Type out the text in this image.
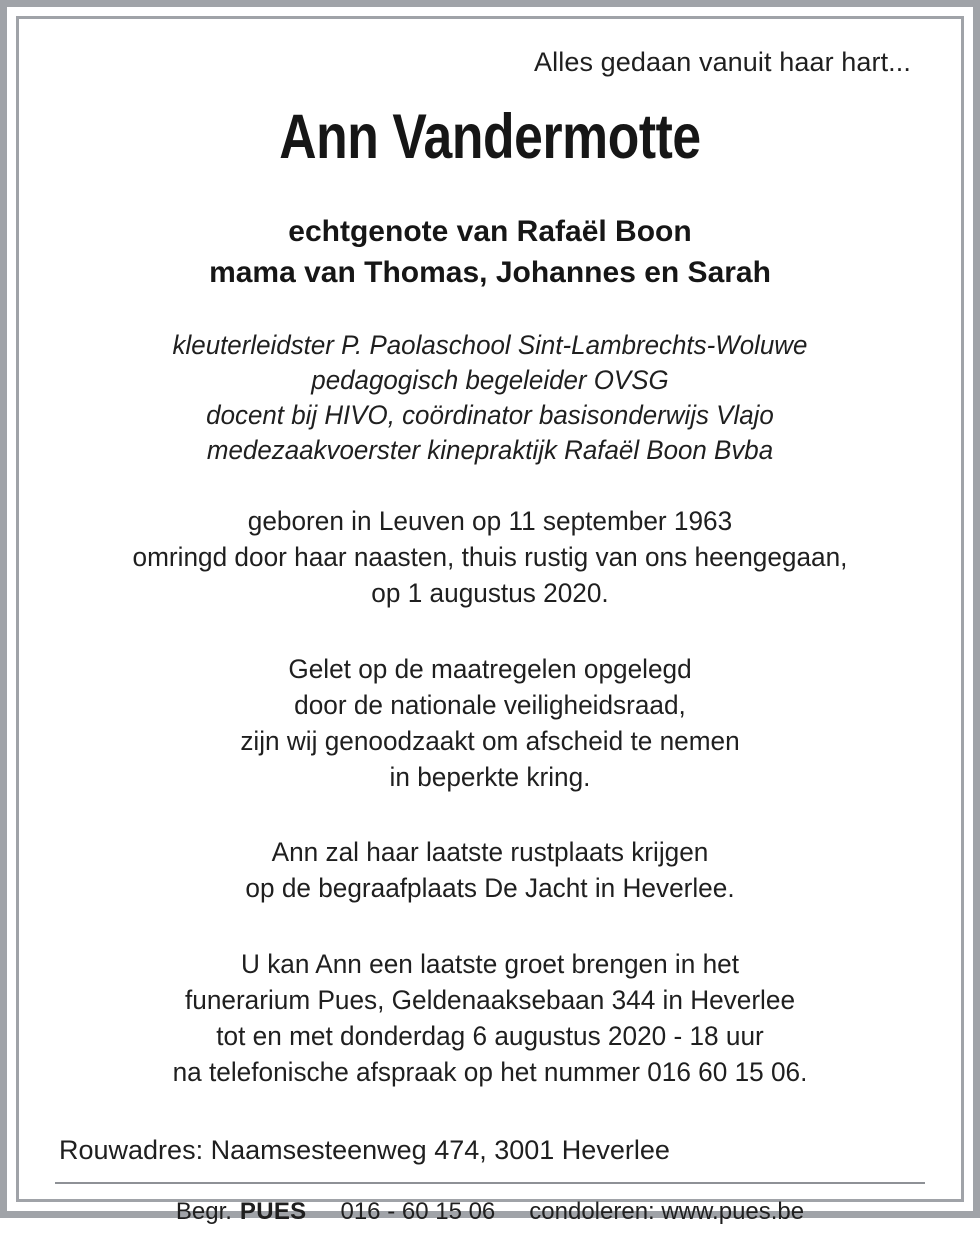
Alles gedaan vanuit haar hart...
Ann Vandermotte
echtgenote van Rafaël Boon
mama van Thomas, Johannes en Sarah
kleuterleidster P. Paolaschool Sint-Lambrechts-Woluwe
pedagogisch begeleider OVSG
docent bij HIVO, coördinator basisonderwijs Vlajo
medezaakvoerster kinepraktijk Rafaël Boon Bvba
geboren in Leuven op 11 september 1963
omringd door haar naasten, thuis rustig van ons heengegaan,
op 1 augustus 2020.
Gelet op de maatregelen opgelegd
door de nationale veiligheidsraad,
zijn wij genoodzaakt om afscheid te nemen
in beperkte kring.
Ann zal haar laatste rustplaats krijgen
op de begraafplaats De Jacht in Heverlee.
U kan Ann een laatste groet brengen in het
funerarium Pues, Geldenaaksebaan 344 in Heverlee
tot en met donderdag 6 augustus 2020 - 18 uur
na telefonische afspraak op het nummer 016 60 15 06.
Rouwadres: Naamsesteenweg 474, 3001 Heverlee
Begr. PUES 016 - 60 15 06 condoleren: www.pues.be
